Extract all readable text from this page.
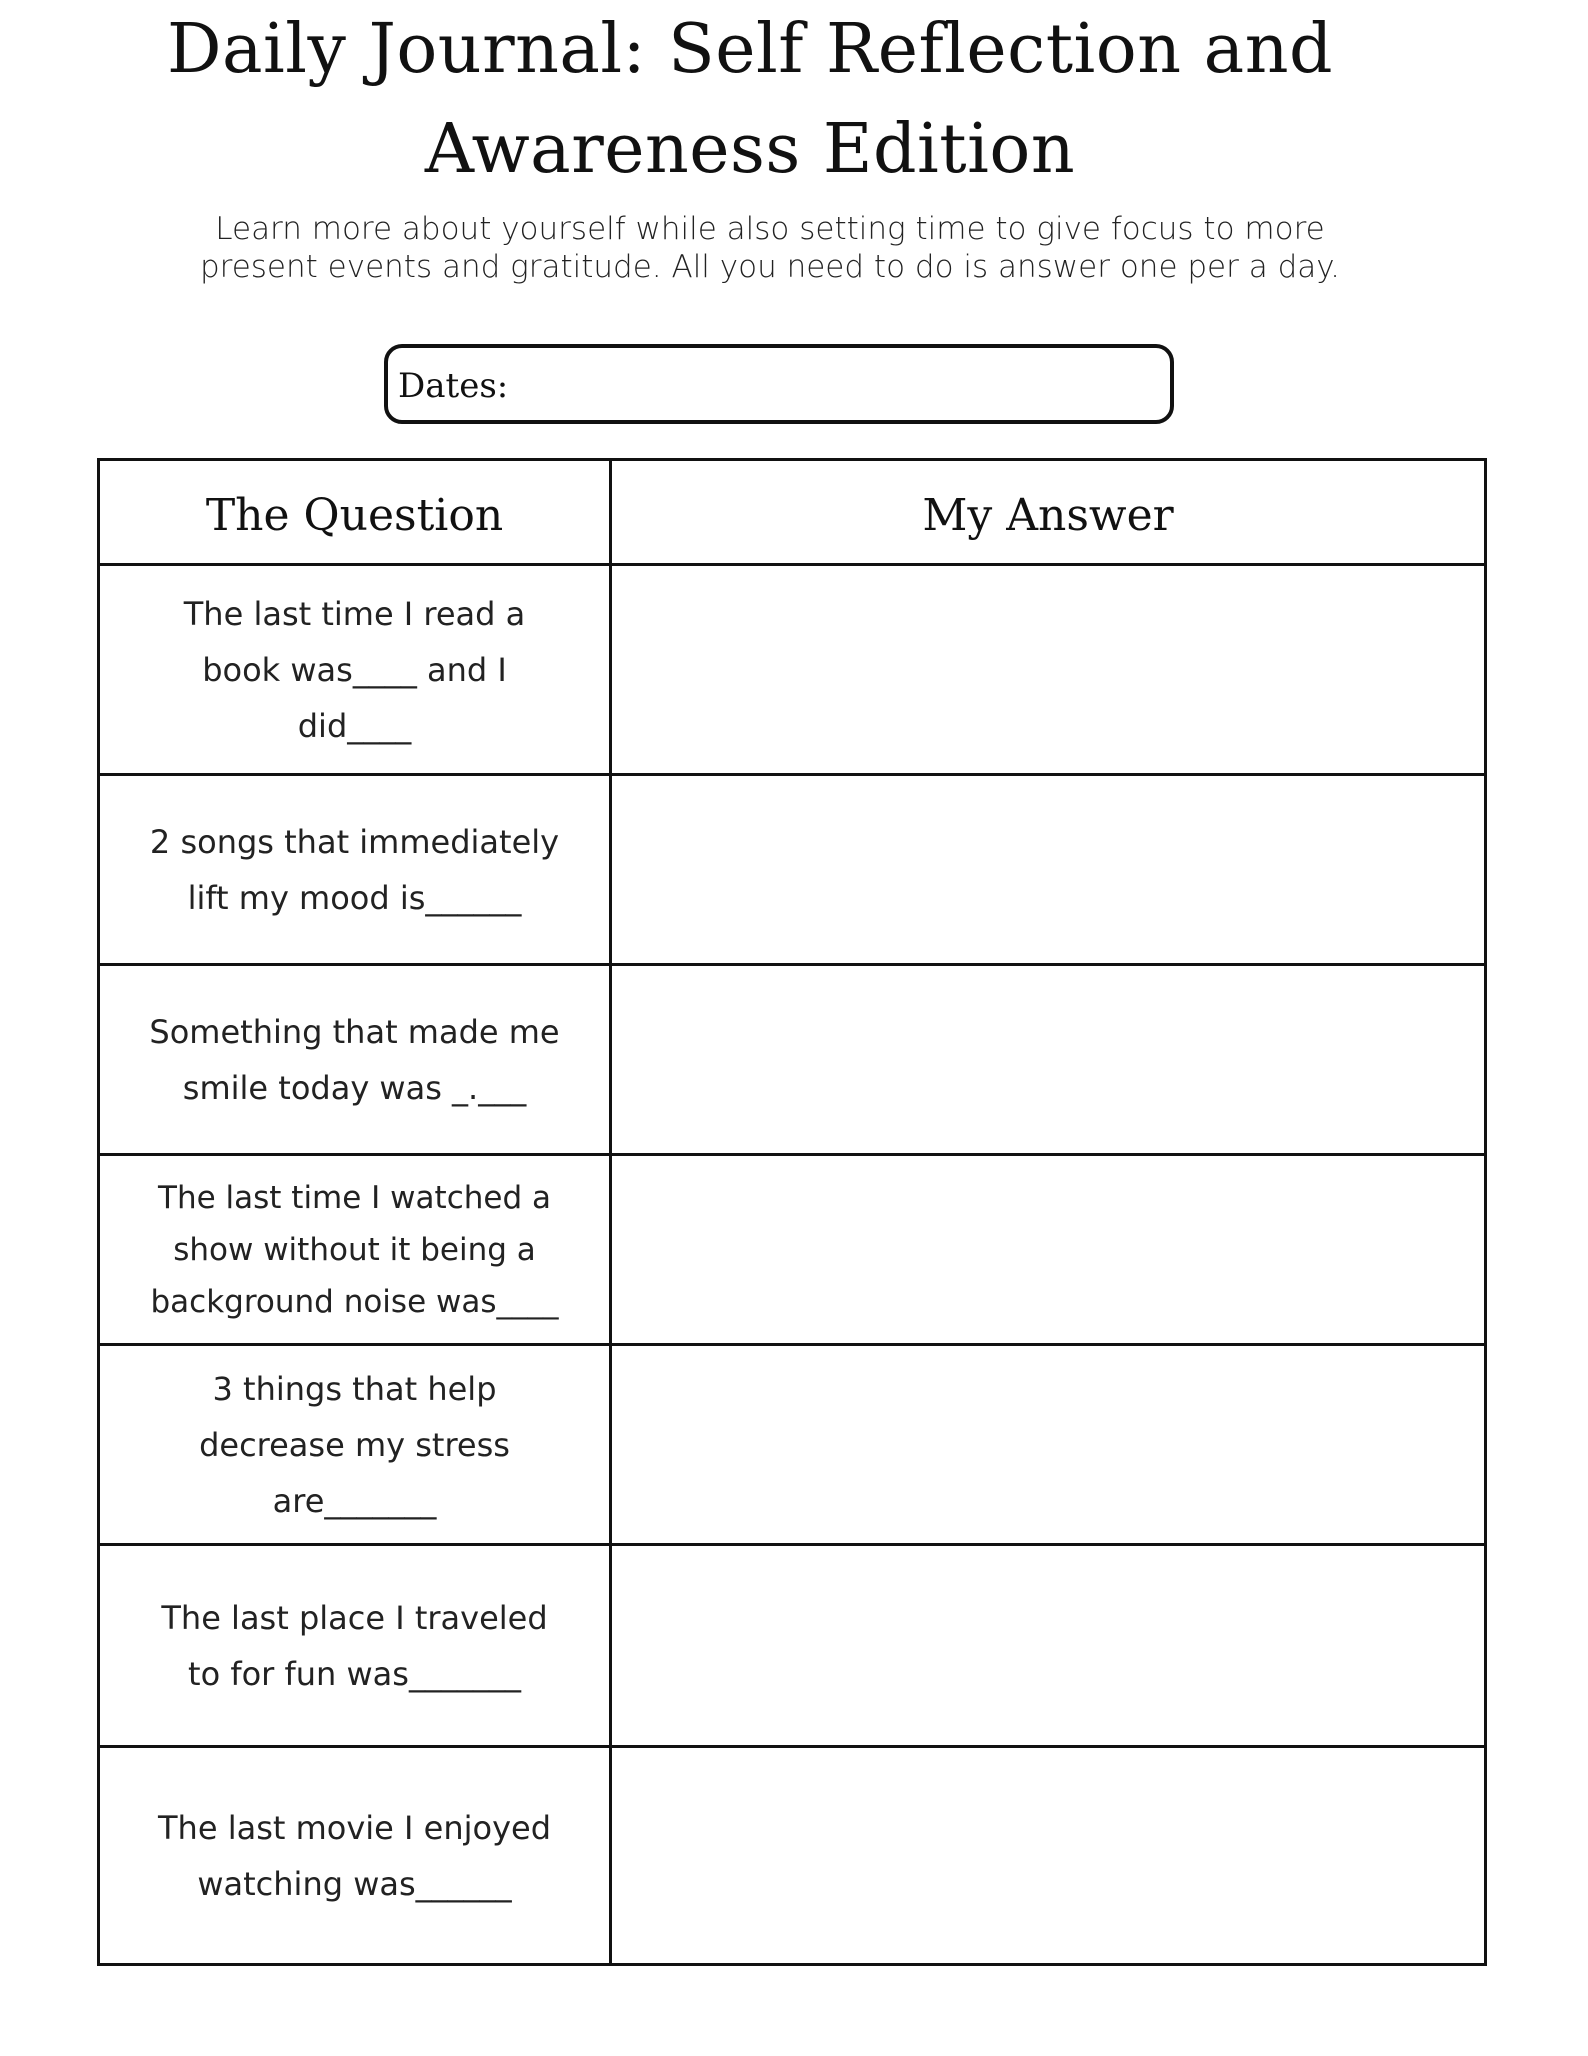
Daily Journal: Self Reflection and
Awareness Edition
Learn more about yourself while also setting time to give focus to more
present events and gratitude. All you need to do is answer one per a day.
Dates:
The Question	My Answer

The last time I read a
book was____ and I
did____	

2 songs that immediately
lift my mood is______	

Something that made me
smile today was _.___	

The last time I watched a
show without it being a
background noise was____	

3 things that help
decrease my stress
are_______	

The last place I traveled
to for fun was_______	

The last movie I enjoyed
watching was______	
